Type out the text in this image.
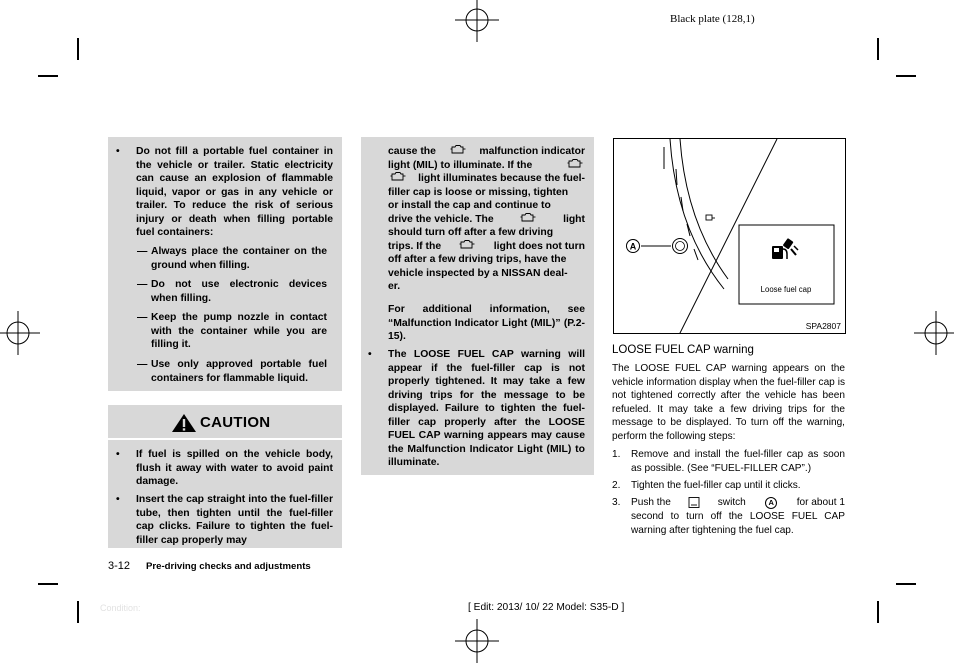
Black plate (128,1)
• Do not fill a portable fuel container in the vehicle or trailer. Static electricity can cause an explosion of flammable liquid, vapor or gas in any vehicle or trailer. To reduce the risk of serious injury or death when filling portable fuel containers:
— Always place the container on the ground when filling.
— Do not use electronic devices when filling.
— Keep the pump nozzle in contact with the container while you are filling it.
— Use only approved portable fuel containers for flammable liquid.
CAUTION
• If fuel is spilled on the vehicle body, flush it away with water to avoid paint damage.
• Insert the cap straight into the fuel-filler tube, then tighten until the fuel-filler cap clicks. Failure to tighten the fuel-filler cap properly may
cause the	malfunction indicator
light (MIL) to illuminate. If the
light illuminates because the fuel-
filler cap is loose or missing, tighten
or install the cap and continue to
drive the vehicle. The	light
should turn off after a few driving
trips. If the	light does not turn
off after a few driving trips, have the
vehicle inspected by a NISSAN deal-
er.
For additional information, see “Malfunction Indicator Light (MIL)” (P.2-15).
• The LOOSE FUEL CAP warning will appear if the fuel-filler cap is not properly tightened. It may take a few driving trips for the message to be displayed. Failure to tighten the fuel-filler cap properly after the LOOSE FUEL CAP warning appears may cause the Malfunction Indicator Light (MIL) to illuminate.
A
Loose fuel cap
SPA2807
LOOSE FUEL CAP warning
The LOOSE FUEL CAP warning appears on the vehicle information display when the fuel-filler cap is not tightened correctly after the vehicle has been refueled. It may take a few driving trips for the message to be displayed. To turn off the warning, perform the following steps:
1. Remove and install the fuel-filler cap as soon as possible. (See “FUEL-FILLER CAP”.)
2. Tighten the fuel-filler cap until it clicks.
3. Push the	switch	A	for about 1
second to turn off the LOOSE FUEL CAP warning after tightening the fuel cap.
3-12 Pre-driving checks and adjustments
Condition:	[ Edit: 2013/ 10/ 22 Model: S35-D ]
